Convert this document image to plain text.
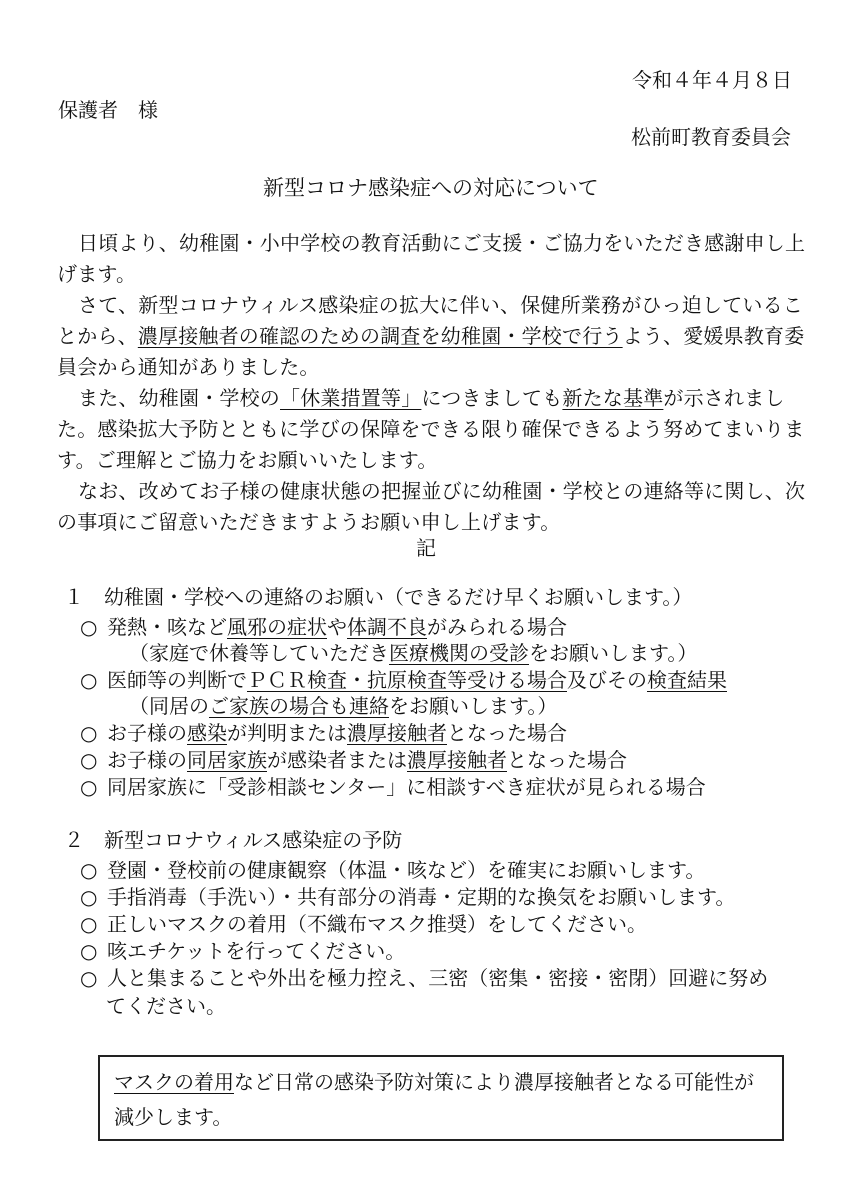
令和４年４月８日
保護者　様
松前町教育委員会
新型コロナ感染症への対応について

日頃より、幼稚園・小中学校の教育活動にご支援・ご協力をいただき感謝申し上げます。

さて、新型コロナウィルス感染症の拡大に伴い、保健所業務がひっ迫していることから、濃厚接触者の確認のための調査を幼稚園・学校で行うよう、愛媛県教育委員会から通知がありました。

また、幼稚園・学校の「休業措置等」につきましても新たな基準が示されました。感染拡大予防とともに学びの保障をできる限り確保できるよう努めてまいります。ご理解とご協力をお願いいたします。

なお、改めてお子様の健康状態の把握並びに幼稚園・学校との連絡等に関し、次の事項にご留意いただきますようお願い申し上げます。

記
１　幼稚園・学校への連絡のお願い（できるだけ早くお願いします。）
○ 発熱・咳など風邪の症状や体調不良がみられる場合
（家庭で休養等していただき医療機関の受診をお願いします。）
○ 医師等の判断でＰＣＲ検査・抗原検査等受ける場合及びその検査結果
（同居のご家族の場合も連絡をお願いします。）
○ お子様の感染が判明または濃厚接触者となった場合
○ お子様の同居家族が感染者または濃厚接触者となった場合
○ 同居家族に「受診相談センター」に相談すべき症状が見られる場合
２　新型コロナウィルス感染症の予防
○ 登園・登校前の健康観察（体温・咳など）を確実にお願いします。
○ 手指消毒（手洗い）・共有部分の消毒・定期的な換気をお願いします。
○ 正しいマスクの着用（不織布マスク推奨）をしてください。
○ 咳エチケットを行ってください。
○ 人と集まることや外出を極力控え、三密（密集・密接・密閉）回避に努め
てください。
マスクの着用など日常の感染予防対策により濃厚接触者となる可能性が減少します。
